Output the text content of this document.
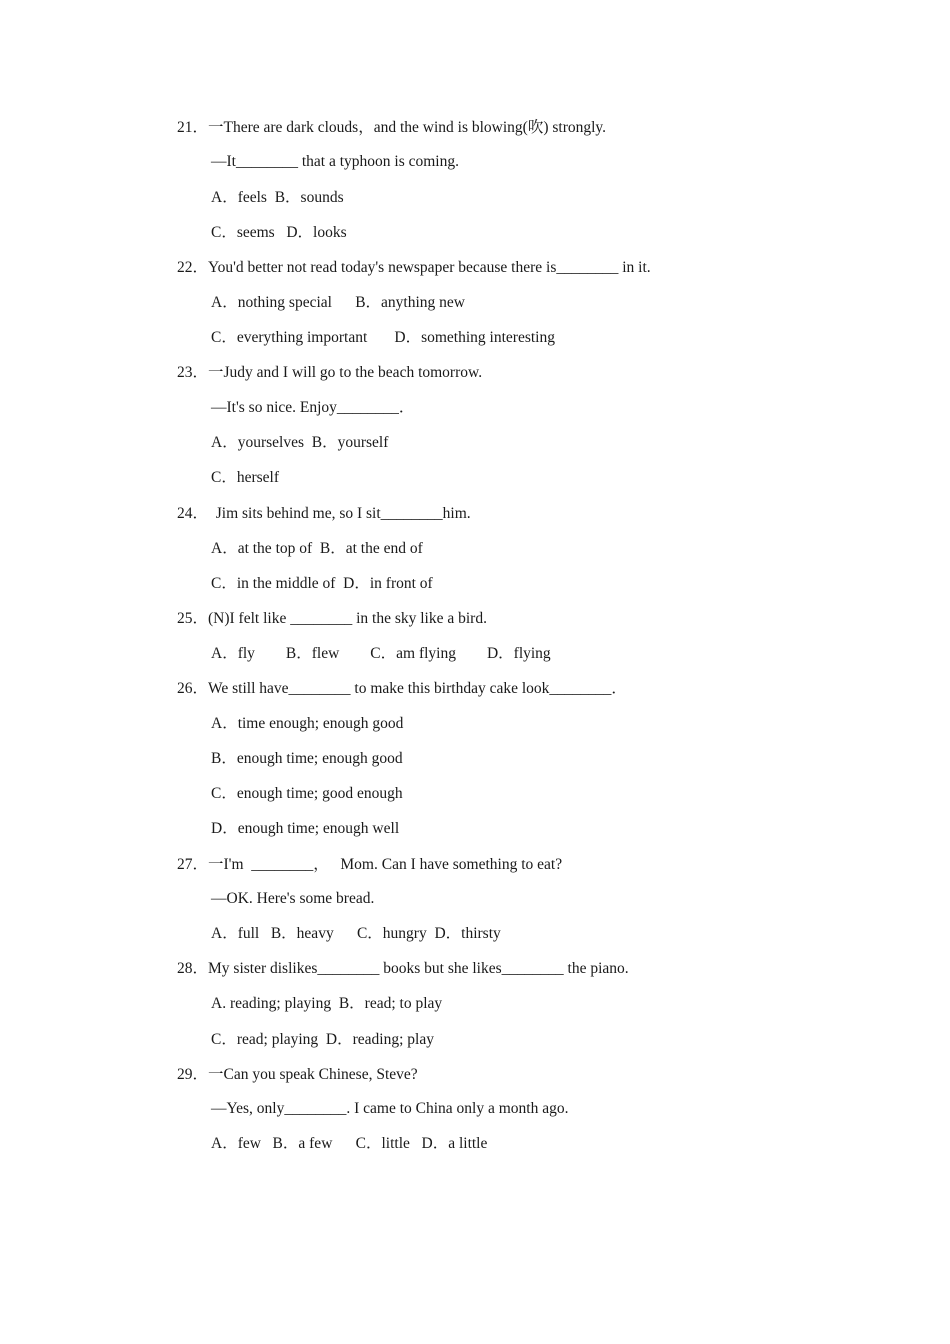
21．一There are dark clouds，and the wind is blowing(吹) strongly.
—It________ that a typhoon is coming.
A．feels  B．sounds
C．seems   D．looks
22．You'd better not read today's newspaper because there is________ in it.
A．nothing special      B．anything new
C．everything important       D．something interesting
23．一Judy and I will go to the beach tomorrow.
—It's so nice. Enjoy________．
A．yourselves  B．yourself
C．herself
24．  Jim sits behind me, so I sit________him.
A．at the top of  B．at the end of
C．in the middle of  D．in front of
25．(N)I felt like ________ in the sky like a bird.
A．fly        B．flew        C．am flying        D．flying
26．We still have________ to make this birthday cake look________．
A．time enough; enough good
B．enough time; enough good
C．enough time; good enough
D．enough time; enough well
27．一I'm  ________，   Mom. Can I have something to eat?
—OK. Here's some bread.
A．full   B．heavy      C．hungry  D．thirsty
28．My sister dislikes________ books but she likes________ the piano.
A. reading; playing  B．read; to play
C．read; playing  D．reading; play
29．一Can you speak Chinese, Steve?
—Yes, only________. I came to China only a month ago.
A．few   B．a few      C．little   D．a little
